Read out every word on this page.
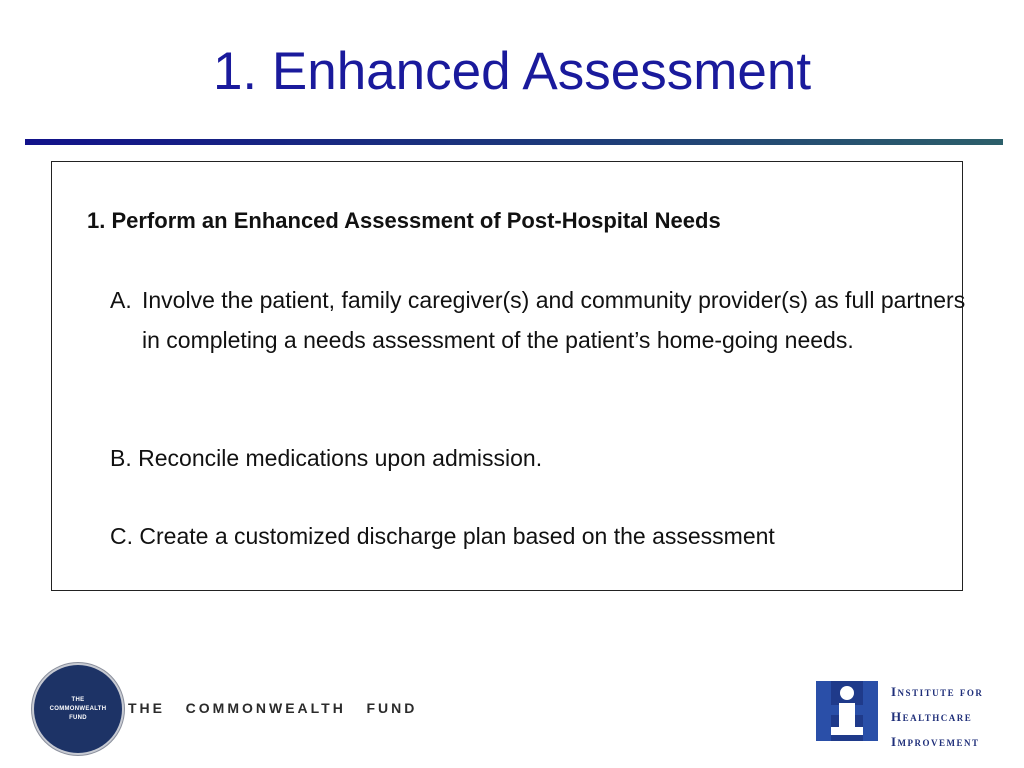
1. Enhanced Assessment
1. Perform an Enhanced Assessment of Post-Hospital Needs
A. Involve the patient, family caregiver(s) and community provider(s) as full partners in completing a needs assessment of the patient’s home-going needs.
B. Reconcile medications upon admission.
C. Create a customized discharge plan based on the assessment
THE
COMMONWEALTH
FUND
THE   COMMONWEALTH   FUND
Institute for
Healthcare
Improvement
